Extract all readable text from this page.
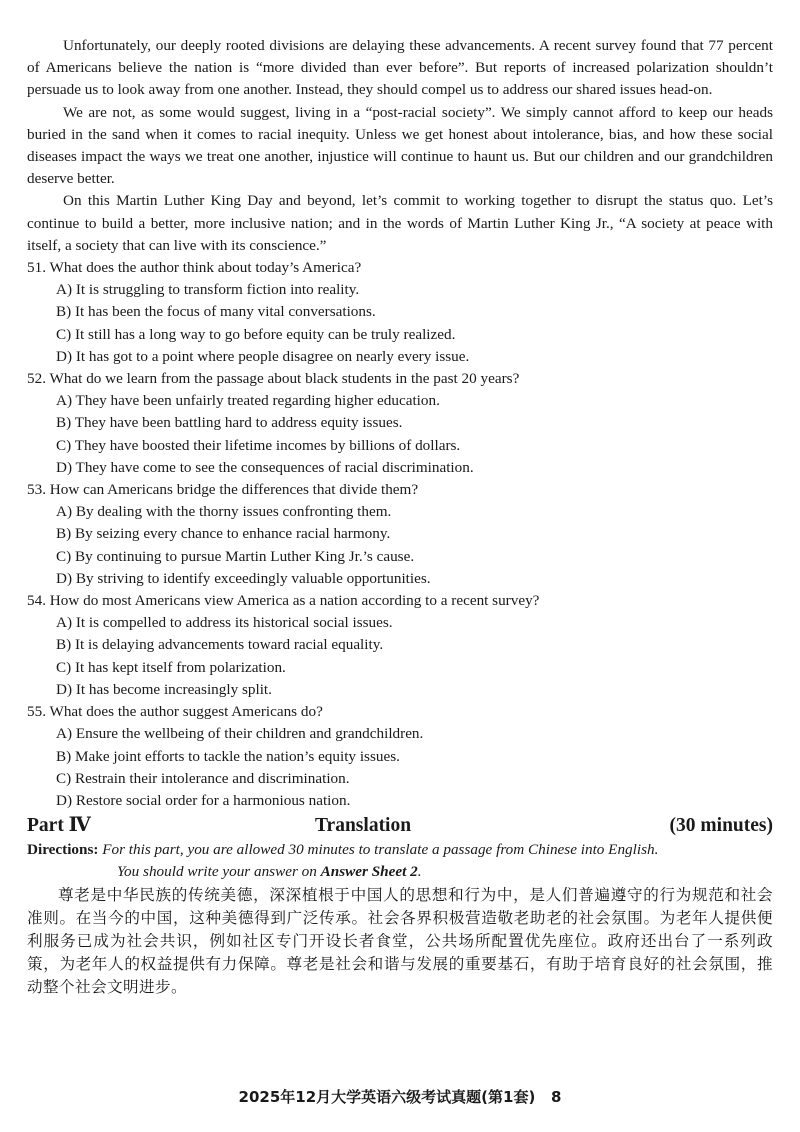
Unfortunately, our deeply rooted divisions are delaying these advancements. A recent survey found that 77 percent of Americans believe the nation is “more divided than ever before”. But reports of increased polarization shouldn’t persuade us to look away from one another. Instead, they should compel us to address our shared issues head-on.

We are not, as some would suggest, living in a “post-racial society”. We simply cannot afford to keep our heads buried in the sand when it comes to racial inequity. Unless we get honest about intolerance, bias, and how these social diseases impact the ways we treat one another, injustice will continue to haunt us. But our children and our grandchildren deserve better.

On this Martin Luther King Day and beyond, let’s commit to working together to disrupt the status quo. Let’s continue to build a better, more inclusive nation; and in the words of Martin Luther King Jr., “A society at peace with itself, a society that can live with its conscience.”

51. What does the author think about today’s America?

A) It is struggling to transform fiction into reality.

B) It has been the focus of many vital conversations.

C) It still has a long way to go before equity can be truly realized.

D) It has got to a point where people disagree on nearly every issue.

52. What do we learn from the passage about black students in the past 20 years?

A) They have been unfairly treated regarding higher education.

B) They have been battling hard to address equity issues.

C) They have boosted their lifetime incomes by billions of dollars.

D) They have come to see the consequences of racial discrimination.

53. How can Americans bridge the differences that divide them?

A) By dealing with the thorny issues confronting them.

B) By seizing every chance to enhance racial harmony.

C) By continuing to pursue Martin Luther King Jr.’s cause.

D) By striving to identify exceedingly valuable opportunities.

54. How do most Americans view America as a nation according to a recent survey?

A) It is compelled to address its historical social issues.

B) It is delaying advancements toward racial equality.

C) It has kept itself from polarization.

D) It has become increasingly split.

55. What does the author suggest Americans do?

A) Ensure the wellbeing of their children and grandchildren.

B) Make joint efforts to tackle the nation’s equity issues.

C) Restrain their intolerance and discrimination.

D) Restore social order for a harmonious nation.

Part Ⅳ	Translation	(30 minutes)

Directions: For this part, you are allowed 30 minutes to translate a passage from Chinese into English.

You should write your answer on Answer Sheet 2.

尊老是中华民族的传统美德，深深植根于中国人的思想和行为中，是人们普遍遵守的行为规范和社会准则。在当今的中国，这种美德得到广泛传承。社会各界积极营造敬老助老的社会氛围。为老年人提供便利服务已成为社会共识，例如社区专门开设长者食堂，公共场所配置优先座位。政府还出台了一系列政策，为老年人的权益提供有力保障。尊老是社会和谐与发展的重要基石，有助于培育良好的社会氛围，推动整个社会文明进步。

2025年12月大学英语六级考试真题(第1套)   8
